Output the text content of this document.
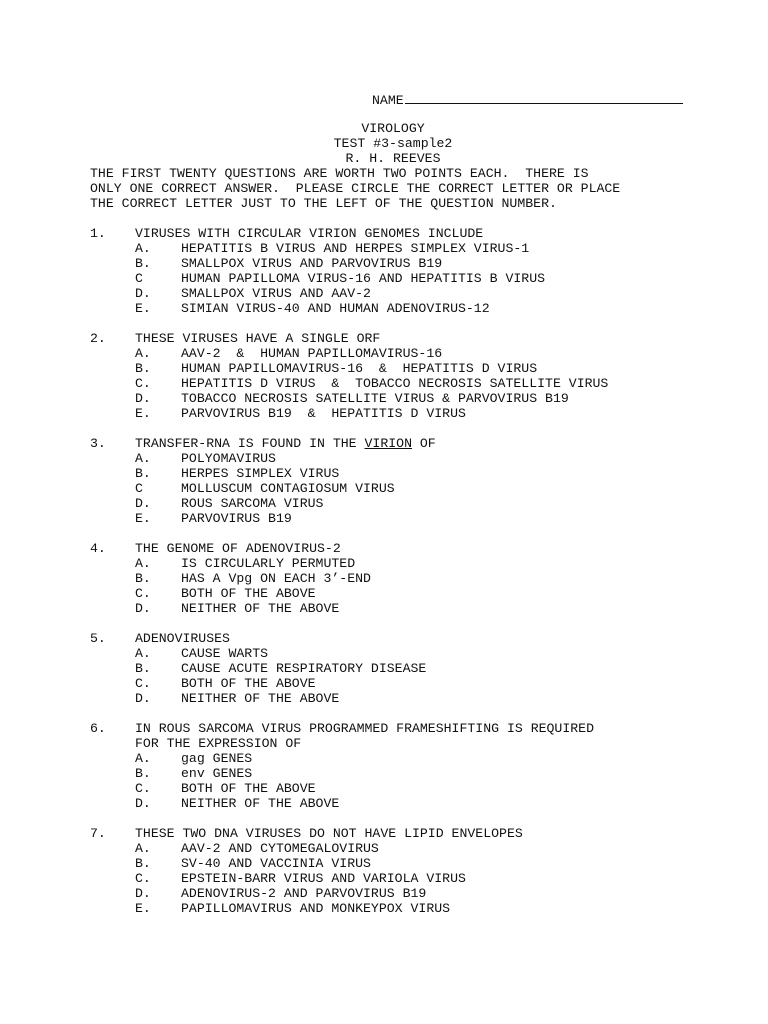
NAME
VIROLOGY
TEST #3-sample2
R. H. REEVES
THE FIRST TWENTY QUESTIONS ARE WORTH TWO POINTS EACH.  THERE IS
ONLY ONE CORRECT ANSWER.  PLEASE CIRCLE THE CORRECT LETTER OR PLACE
THE CORRECT LETTER JUST TO THE LEFT OF THE QUESTION NUMBER.
1. VIRUSES WITH CIRCULAR VIRION GENOMES INCLUDE
A. HEPATITIS B VIRUS AND HERPES SIMPLEX VIRUS-1
B. SMALLPOX VIRUS AND PARVOVIRUS B19
C	HUMAN PAPILLOMA VIRUS-16 AND HEPATITIS B VIRUS
D. SMALLPOX VIRUS AND AAV-2
E. SIMIAN VIRUS-40 AND HUMAN ADENOVIRUS-12
2. THESE VIRUSES HAVE A SINGLE ORF
A. AAV-2  &  HUMAN PAPILLOMAVIRUS-16
B. HUMAN PAPILLOMAVIRUS-16  &  HEPATITIS D VIRUS
C. HEPATITIS D VIRUS  &  TOBACCO NECROSIS SATELLITE VIRUS
D. TOBACCO NECROSIS SATELLITE VIRUS & PARVOVIRUS B19
E. PARVOVIRUS B19  &  HEPATITIS D VIRUS
3. TRANSFER-RNA IS FOUND IN THE VIRION OF
A. POLYOMAVIRUS
B. HERPES SIMPLEX VIRUS
C	MOLLUSCUM CONTAGIOSUM VIRUS
D. ROUS SARCOMA VIRUS
E. PARVOVIRUS B19
4. THE GENOME OF ADENOVIRUS-2
A. IS CIRCULARLY PERMUTED
B. HAS A Vpg ON EACH 3’-END
C. BOTH OF THE ABOVE
D. NEITHER OF THE ABOVE
5. ADENOVIRUSES
A. CAUSE WARTS
B. CAUSE ACUTE RESPIRATORY DISEASE
C. BOTH OF THE ABOVE
D. NEITHER OF THE ABOVE
6. IN ROUS SARCOMA VIRUS PROGRAMMED FRAMESHIFTING IS REQUIRED
FOR THE EXPRESSION OF
A. gag GENES
B. env GENES
C. BOTH OF THE ABOVE
D. NEITHER OF THE ABOVE
7. THESE TWO DNA VIRUSES DO NOT HAVE LIPID ENVELOPES
A. AAV-2 AND CYTOMEGALOVIRUS
B. SV-40 AND VACCINIA VIRUS
C. EPSTEIN-BARR VIRUS AND VARIOLA VIRUS
D. ADENOVIRUS-2 AND PARVOVIRUS B19
E. PAPILLOMAVIRUS AND MONKEYPOX VIRUS
